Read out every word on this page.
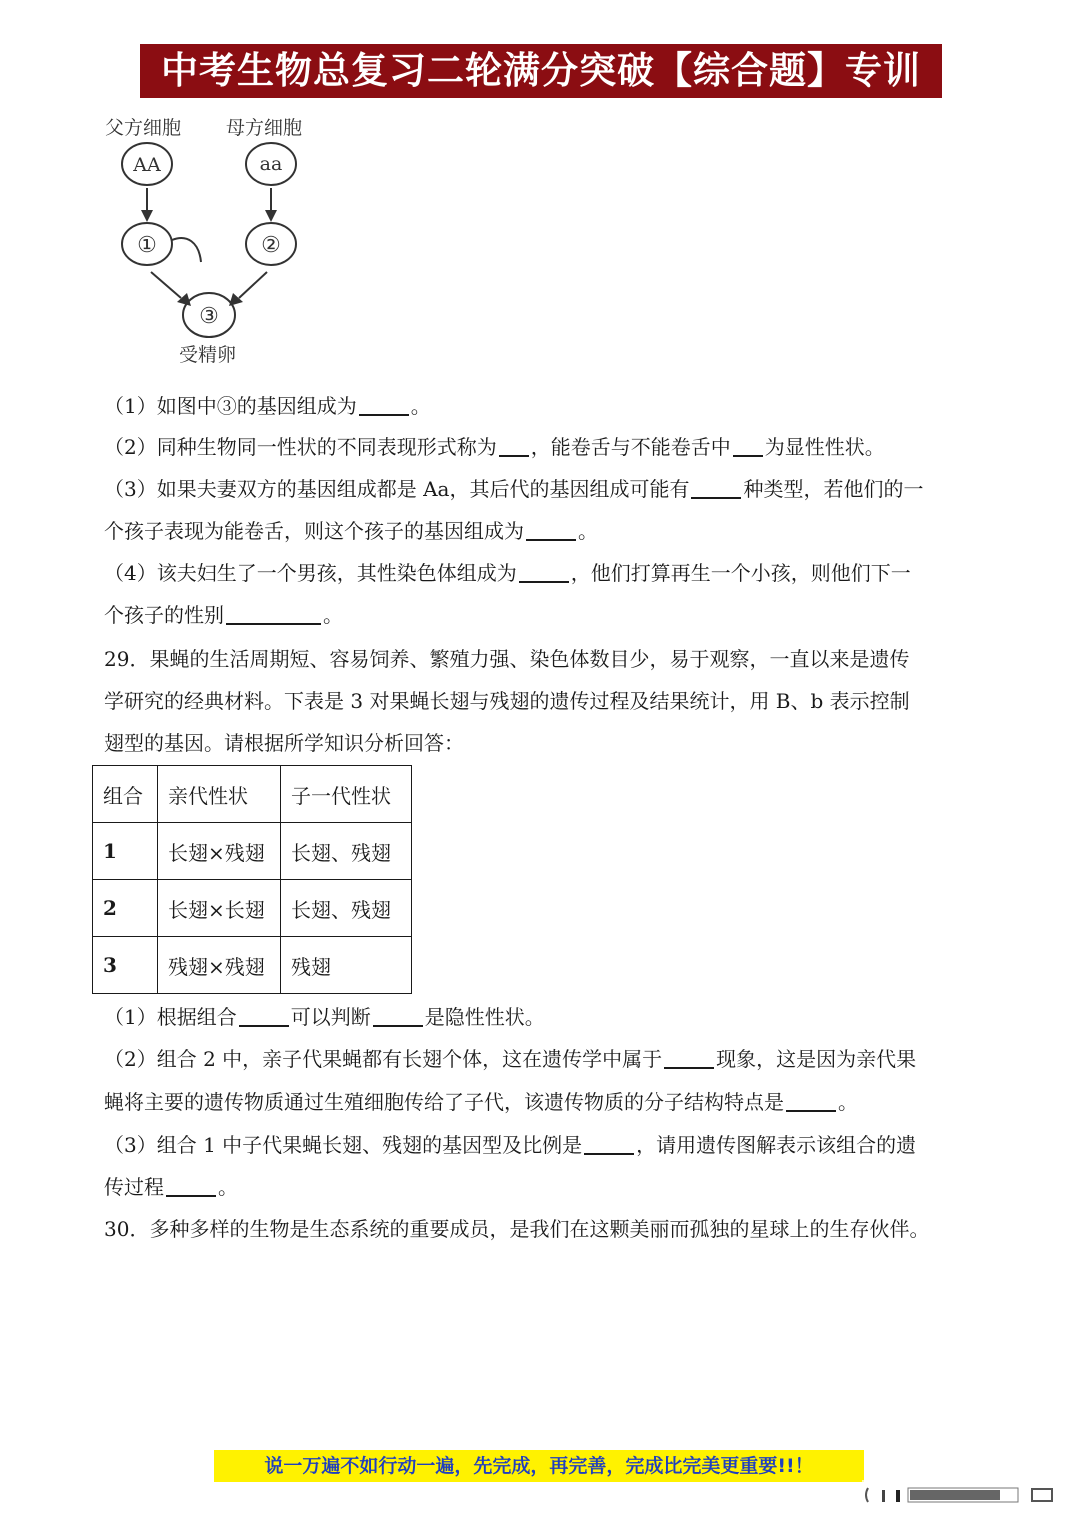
中考生物总复习二轮满分突破【综合题】专训
父方细胞 母方细胞
AA	aa
①	②
③
受精卵
（1）如图中③的基因组成为	。
（2）同种生物同一性状的不同表现形式称为 ，能卷舌与不能卷舌中 为显性性状。
（3）如果夫妻双方的基因组成都是 Aa，其后代的基因组成可能有	种类型，若他们的一
个孩子表现为能卷舌，则这个孩子的基因组成为	。
（4）该夫妇生了一个男孩，其性染色体组成为	，他们打算再生一个小孩，则他们下一
个孩子的性别	。
29．果蝇的生活周期短、容易饲养、繁殖力强、染色体数目少，易于观察，一直以来是遗传
学研究的经典材料。下表是 3 对果蝇长翅与残翅的遗传过程及结果统计，用 B、b 表示控制
翅型的基因。请根据所学知识分析回答：
组合	亲代性状	子一代性状
1	长翅×残翅	长翅、残翅
2	长翅×长翅	长翅、残翅
3	残翅×残翅	残翅
（1）根据组合	可以判断	是隐性性状。
（2）组合 2 中，亲子代果蝇都有长翅个体，这在遗传学中属于	现象，这是因为亲代果
蝇将主要的遗传物质通过生殖细胞传给了子代，该遗传物质的分子结构特点是	。
（3）组合 1 中子代果蝇长翅、残翅的基因型及比例是	，请用遗传图解表示该组合的遗
传过程	。
30．多种多样的生物是生态系统的重要成员，是我们在这颗美丽而孤独的星球上的生存伙伴。
说一万遍不如行动一遍，先完成，再完善，完成比完美更重要!!！
